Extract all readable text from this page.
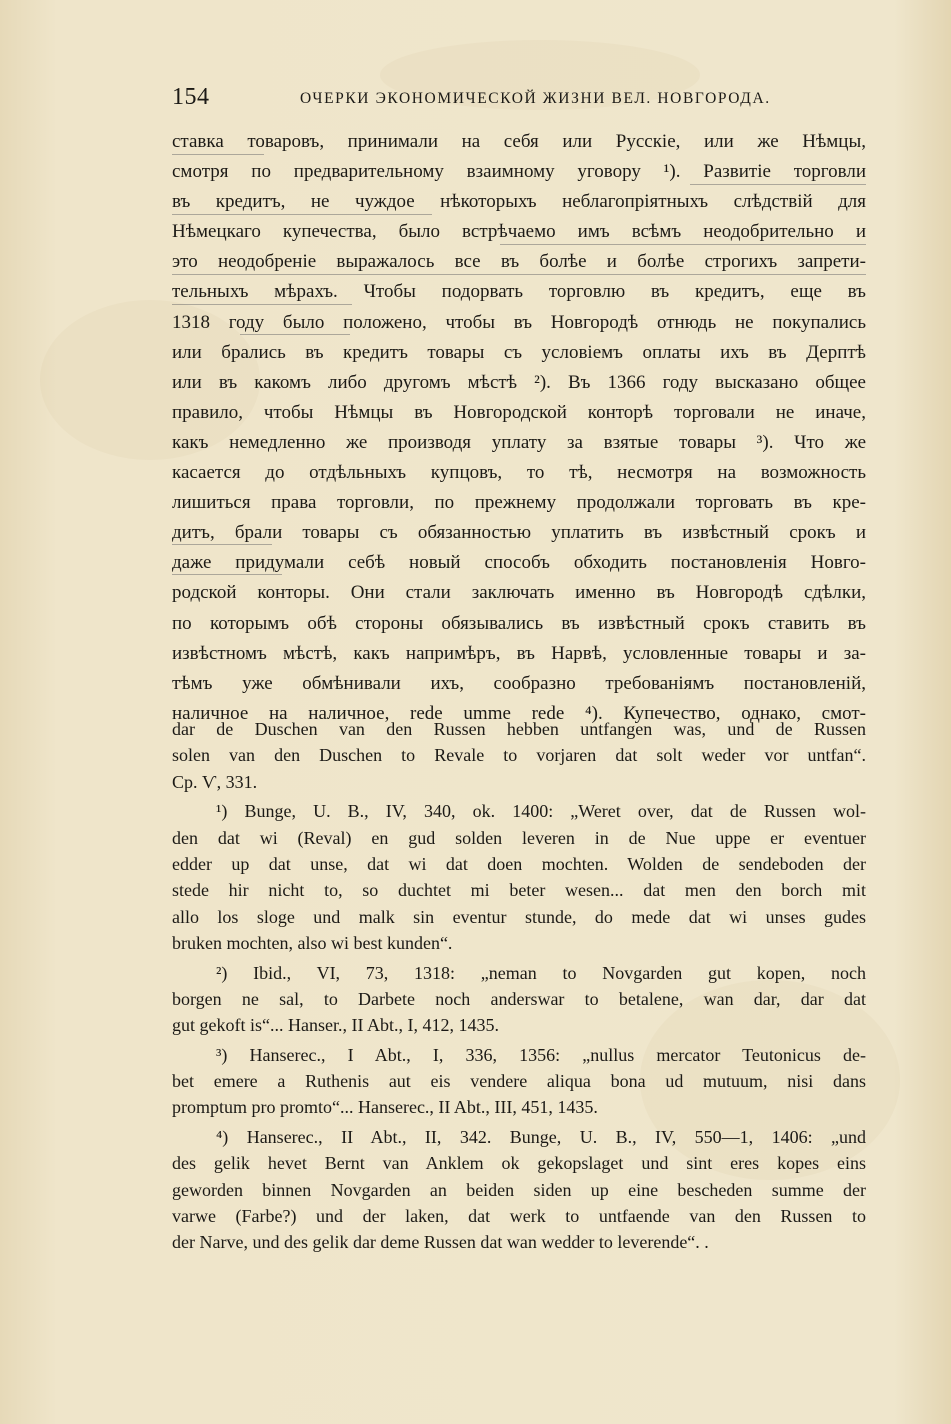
154	ОЧЕРКИ ЭКОНОМИЧЕСКОЙ ЖИЗНИ ВЕЛ. НОВГОРОДА.
ставка товаровъ, принимали на себя или Русскіе, или же Нѣмцы,
смотря по предварительному взаимному уговору ¹). Развитіе торговли
въ кредитъ, не чуждое нѣкоторыхъ неблагопріятныхъ слѣдствій для
Нѣмецкаго купечества, было встрѣчаемо имъ всѣмъ неодобрительно и
это неодобреніе выражалось все въ болѣе и болѣе строгихъ запрети-
тельныхъ мѣрахъ. Чтобы подорвать торговлю въ кредитъ, еще въ
1318 году было положено, чтобы въ Новгородѣ отнюдь не покупались
или брались въ кредитъ товары съ условіемъ оплаты ихъ въ Дерптѣ
или въ какомъ либо другомъ мѣстѣ ²). Въ 1366 году высказано общее
правило, чтобы Нѣмцы въ Новгородской конторѣ торговали не иначе,
какъ немедленно же производя уплату за взятые товары ³). Что же
касается до отдѣльныхъ купцовъ, то тѣ, несмотря на возможность
лишиться права торговли, по прежнему продолжали торговать въ кре-
дитъ, брали товары съ обязанностью уплатить въ извѣстный срокъ и
даже придумали себѣ новый способъ обходить постановленія Новго-
родской конторы. Они стали заключать именно въ Новгородѣ сдѣлки,
по которымъ обѣ стороны обязывались въ извѣстный срокъ ставить въ
извѣстномъ мѣстѣ, какъ напримѣръ, въ Нарвѣ, условленные товары и за-
тѣмъ уже обмѣнивали ихъ, сообразно требованіямъ постановленій,
наличное на наличное, rede umme rede ⁴). Купечество, однако, смот-
dar de Duschen van den Russen hebben untfangen was, und de Russen
solen van den Duschen to Revale to vorjaren dat solt weder vor untfan“.
Ср. Ѵ, 331.
¹) Bunge, U. B., IV, 340, ok. 1400: „Weret over, dat de Russen wol-
den dat wi (Reval) en gud solden leveren in de Nue uppe er eventuer
edder up dat unse, dat wi dat doen mochten. Wolden de sendeboden der
stede hir nicht to, so duchtet mi beter wesen... dat men den borch mit
allo los sloge und malk sin eventur stunde, do mede dat wi unses gudes
bruken mochten, also wi best kunden“.
²) Ibid., VI, 73, 1318: „neman to Novgarden gut kopen, noch
borgen ne sal, to Darbete noch anderswar to betalene, wan dar, dar dat
gut gekoft is“... Hanser., II Abt., I, 412, 1435.
³) Hanserec., I Abt., I, 336, 1356: „nullus mercator Teutonicus de-
bet emere a Ruthenis aut eis vendere aliqua bona ud mutuum, nisi dans
promptum pro promto“... Hanserec., II Abt., III, 451, 1435.
⁴) Hanserec., II Abt., II, 342. Bunge, U. B., IV, 550—1, 1406: „und
des gelik hevet Bernt van Anklem ok gekopslaget und sint eres kopes eins
geworden binnen Novgarden an beiden siden up eine bescheden summe der
varwe (Farbe?) und der laken, dat werk to untfaende van den Russen to
der Narve, und des gelik dar deme Russen dat wan wedder to leverende“. .
